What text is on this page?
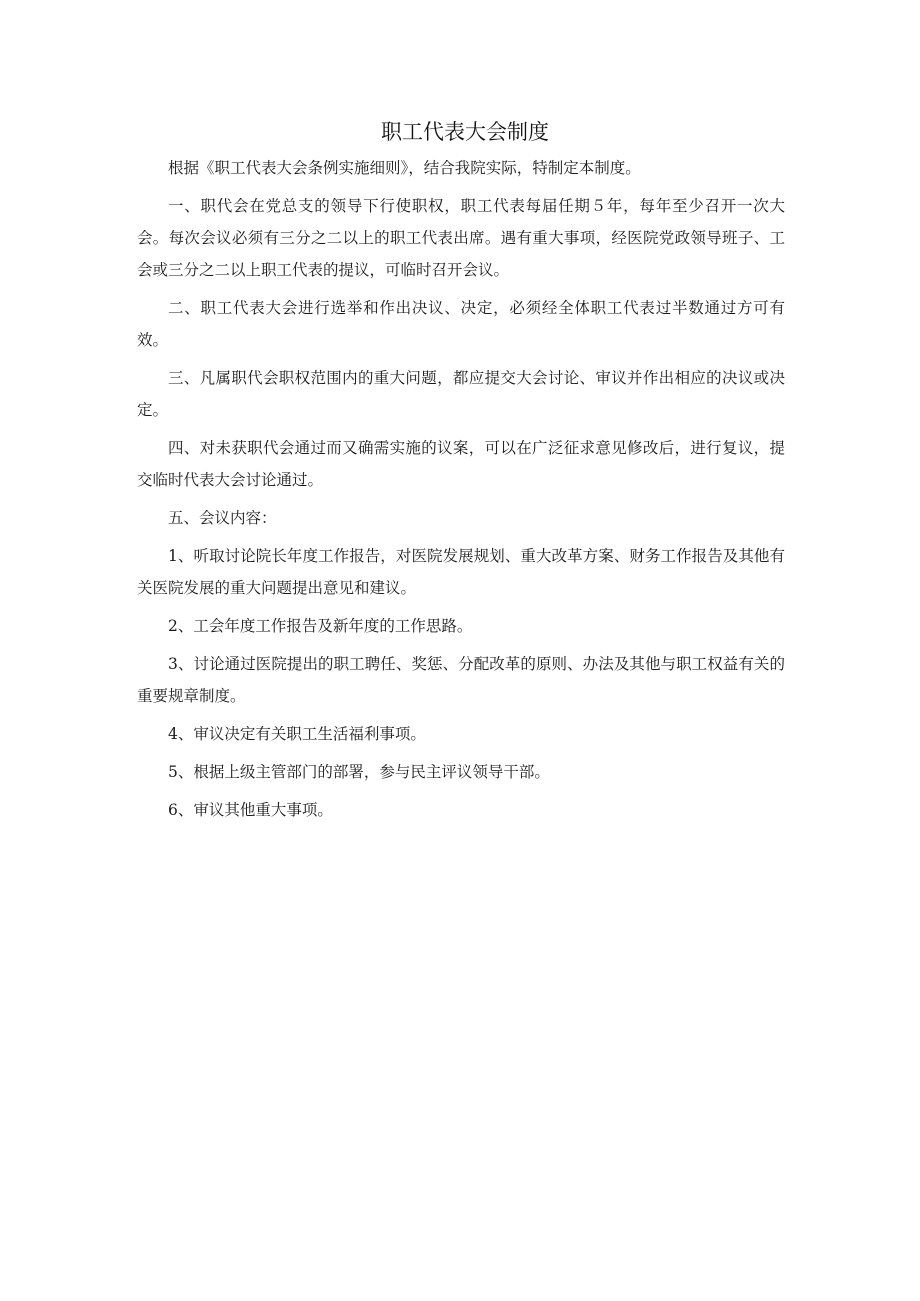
职工代表大会制度

根据《职工代表大会条例实施细则》，结合我院实际，特制定本制度。

一、职代会在党总支的领导下行使职权，职工代表每届任期５年，每年至少召开一次大会。每次会议必须有三分之二以上的职工代表出席。遇有重大事项，经医院党政领导班子、工会或三分之二以上职工代表的提议，可临时召开会议。

二、职工代表大会进行选举和作出决议、决定，必须经全体职工代表过半数通过方可有效。

三、凡属职代会职权范围内的重大问题，都应提交大会讨论、审议并作出相应的决议或决定。

四、对未获职代会通过而又确需实施的议案，可以在广泛征求意见修改后，进行复议，提交临时代表大会讨论通过。

五、会议内容：

1、听取讨论院长年度工作报告，对医院发展规划、重大改革方案、财务工作报告及其他有关医院发展的重大问题提出意见和建议。

2、工会年度工作报告及新年度的工作思路。

3、讨论通过医院提出的职工聘任、奖惩、分配改革的原则、办法及其他与职工权益有关的重要规章制度。

4、审议决定有关职工生活福利事项。

5、根据上级主管部门的部署，参与民主评议领导干部。

6、审议其他重大事项。
